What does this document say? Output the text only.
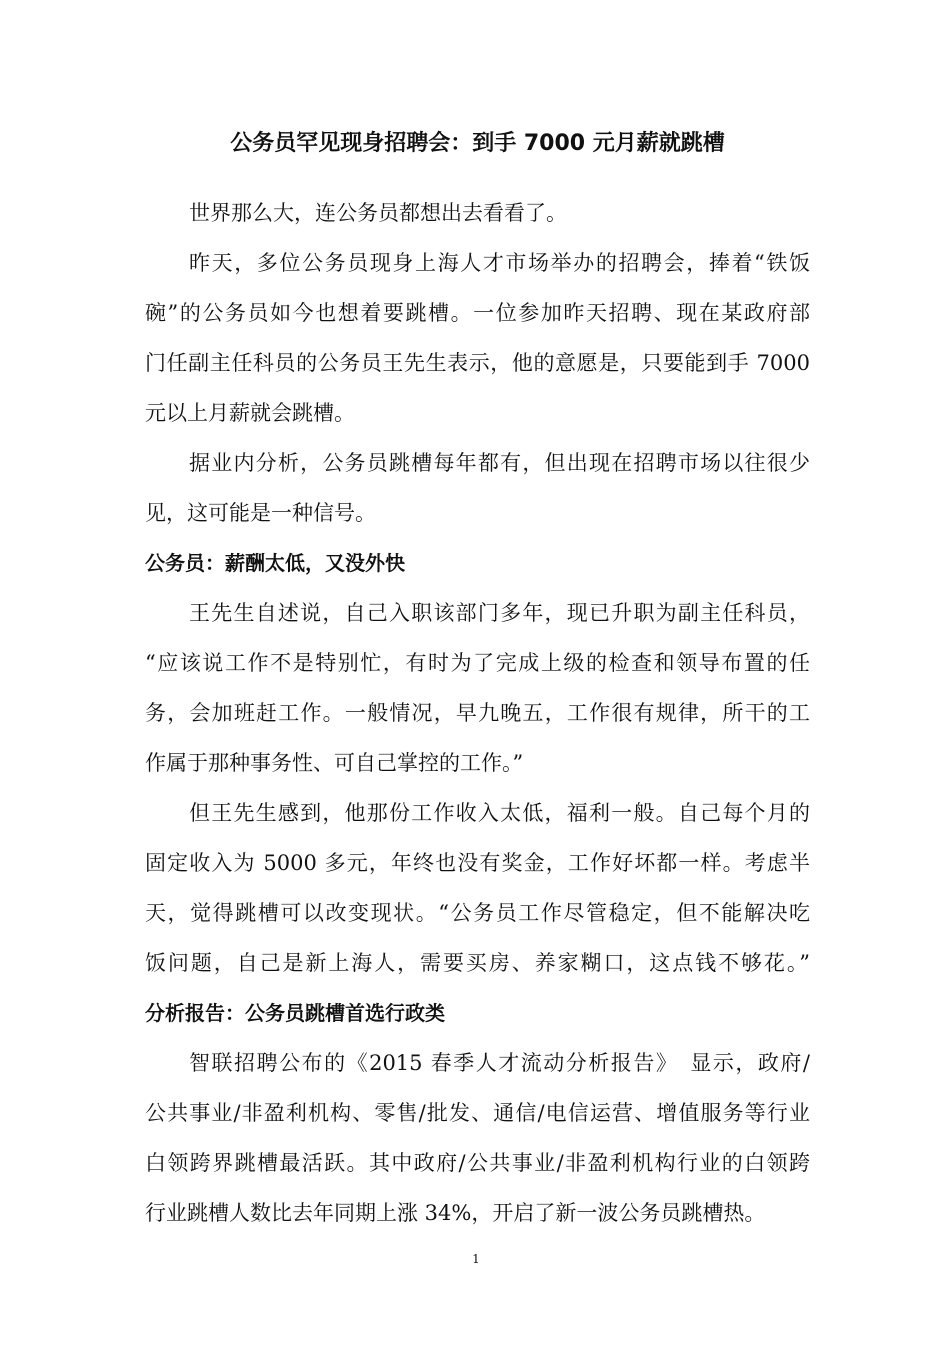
公务员罕见现身招聘会：到手 7000 元月薪就跳槽
世界那么大，连公务员都想出去看看了。
昨天，多位公务员现身上海人才市场举办的招聘会，捧着“铁饭
碗”的公务员如今也想着要跳槽。一位参加昨天招聘、现在某政府部
门任副主任科员的公务员王先生表示，他的意愿是，只要能到手 7000
元以上月薪就会跳槽。
据业内分析，公务员跳槽每年都有，但出现在招聘市场以往很少
见，这可能是一种信号。
公务员：薪酬太低，又没外快
王先生自述说，自己入职该部门多年，现已升职为副主任科员，
“应该说工作不是特别忙，有时为了完成上级的检查和领导布置的任
务，会加班赶工作。一般情况，早九晚五，工作很有规律，所干的工
作属于那种事务性、可自己掌控的工作。”
但王先生感到，他那份工作收入太低，福利一般。自己每个月的
固定收入为 5000 多元，年终也没有奖金，工作好坏都一样。考虑半
天，觉得跳槽可以改变现状。“公务员工作尽管稳定，但不能解决吃
饭问题，自己是新上海人，需要买房、养家糊口，这点钱不够花。”
分析报告：公务员跳槽首选行政类
智联招聘公布的《2015 春季人才流动分析报告》　显示，政府/
公共事业/非盈利机构、零售/批发、通信/电信运营、增值服务等行业
白领跨界跳槽最活跃。其中政府/公共事业/非盈利机构行业的白领跨
行业跳槽人数比去年同期上涨 34%，开启了新一波公务员跳槽热。
1
